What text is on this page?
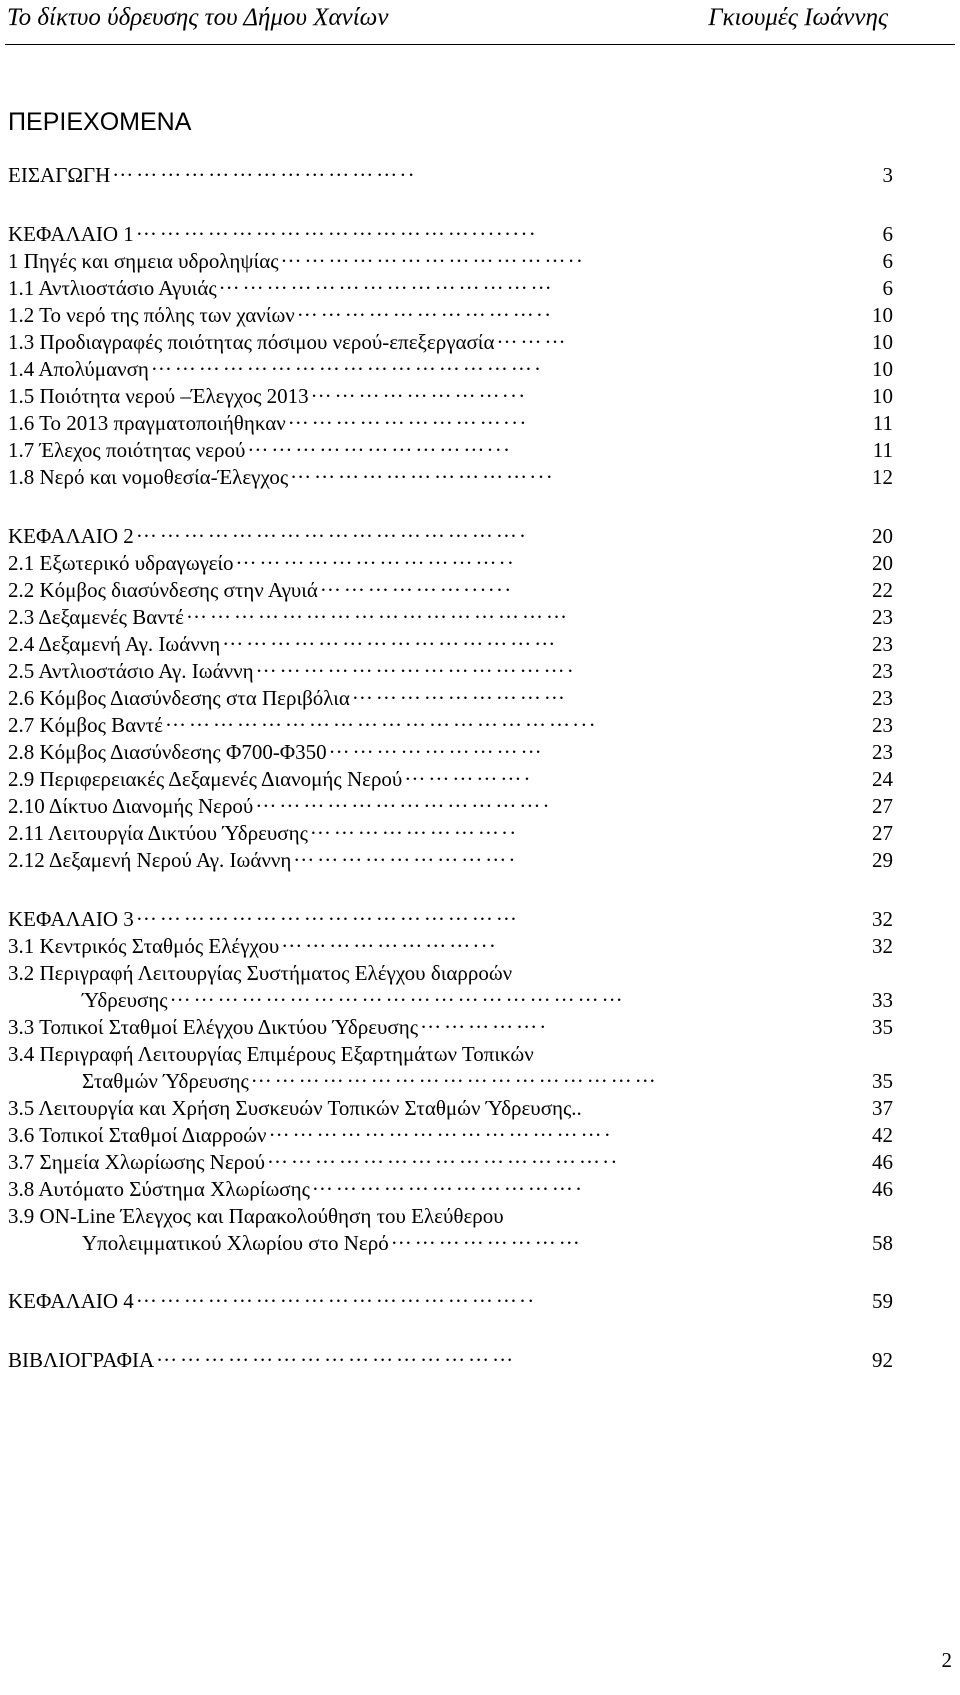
Το δίκτυο ύδρευσης του Δήμου Χανίων	Γκιουμές Ιωάννης
ΠΕΡΙΕΧΟΜΕΝΑ
ΕΙΣΑΓΩΓΗ ………………………………..	3
ΚΕΦΑΛΑΙΟ 1 ……………………………………........	6
1 Πηγές και σημεια υδροληψίας ………………………………..	6
1.1 Αντλιοστάσιο Αγυιάς ……………………………………	6
1.2 Το νερό της πόλης των χανίων …………………………..	10
1.3 Προδιαγραφές ποιότητας πόσιμου νερού-επεξεργασία ………	10
1.4 Απολύμανση ………………………………………….	10
1.5 Ποιότητα νερού –Έλεγχος 2013 ……………………...	10
1.6 Το 2013 πραγματοποιήθηκαν ………………………...	11
1.7 Έλεχος ποιότητας νερού …………………………...	11
1.8 Νερό και νομοθεσία-Έλεγχος …………………………...	12
ΚΕΦΑΛΑΙΟ 2 ………………………………………….	20
2.1 Εξωτερικό υδραγωγείο ……………………………..	20
2.2 Κόμβος διασύνδεσης στην Αγυιά ………………......	22
2.3 Δεξαμενές Βαντέ …………………………………………	23
2.4 Δεξαμενή Αγ. Ιωάννη ……………………………………	23
2.5 Αντλιοστάσιο Αγ. Ιωάννη ………………………………….	23
2.6 Κόμβος Διασύνδεσης στα Περιβόλια ………………………	23
2.7 Κόμβος Βαντέ ……………………………………………...	23
2.8 Κόμβος Διασύνδεσης Φ700-Φ350 ………………………	23
2.9 Περιφερειακές Δεξαμενές Διανομής Νερού …………….	24
2.10 Δίκτυο Διανομής Νερού ……………………………….	27
2.11 Λειτουργία Δικτύου Ύδρευσης ……………………..	27
2.12 Δεξαμενή Νερού Αγ. Ιωάννη ……………………….	29
ΚΕΦΑΛΑΙΟ 3 …………………………………………	32
3.1 Κεντρικός Σταθμός Ελέγχου ……………………...	32
3.2 Περιγραφή Λειτουργίας Συστήματος Ελέγχου διαρροών
Ύδρευσης …………………………………………………	33
3.3 Τοπικοί Σταθμοί Ελέγχου Δικτύου Ύδρευσης …………….	35
3.4 Περιγραφή Λειτουργίας Επιμέρους Εξαρτημάτων Τοπικών
Σταθμών Ύδρευσης ……………………………………………	35
3.5 Λειτουργία και Χρήση Συσκευών Τοπικών Σταθμών Ύδρευσης..	37
3.6 Τοπικοί Σταθμοί Διαρροών …………………………………….	42
3.7 Σημεία Χλωρίωσης Νερού ……………………………………..	46
3.8 Αυτόματο Σύστημα Χλωρίωσης …………………………….	46
3.9 ON-Line Έλεγχος και Παρακολούθηση του Ελεύθερου
Υπολειμματικού Χλωρίου στο Νερό ……………………	58
ΚΕΦΑΛΑΙΟ 4 …………………………………………..	59
ΒΙΒΛΙΟΓΡΑΦΙΑ ………………………………………	92
2
